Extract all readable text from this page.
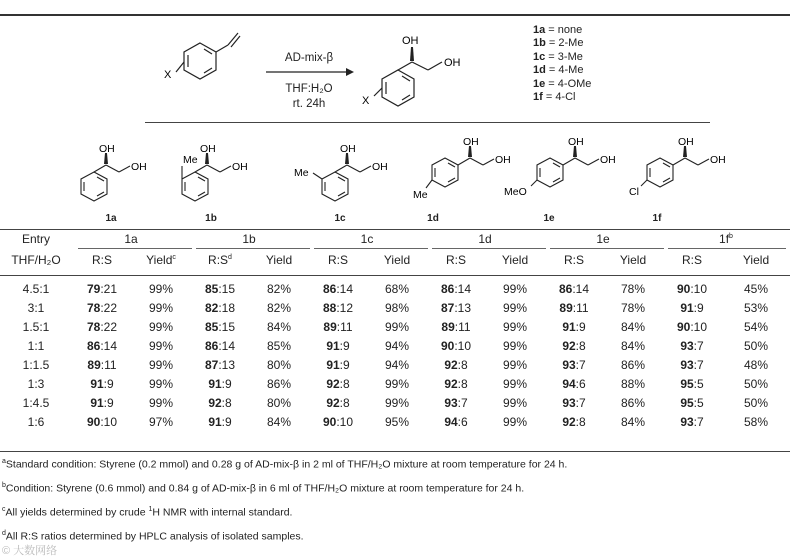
X
OH
OH
X
AD-mix-β
THF:H₂O
rt. 24h
1a = none
1b = 2-Me
1c = 3-Me
1d = 4-Me
1e = 4-OMe
1f = 4-Cl
OH
OH
OH
OH
Me
OH
OH
Me
OH
OH
Me
OH
OH
MeO
OH
OH
Cl
1a	1b	1c	1d	1e	1f
Entry	1a		1b		1c		1d		1e		$1f^b$
THF/H₂O	R:S	Yield$^c$	$R:S^d$	Yield	R:S	Yield	R:S	Yield	R:S	Yield	R:S	Yield

4.5:1	79:21	99%	85:15	82%	86:14	68%	86:14	99%	86:14	78%	90:10	45%
3:1	78:22	99%	82:18	82%	88:12	98%	87:13	99%	89:11	78%	91:9	53%
1.5:1	78:22	99%	85:15	84%	89:11	99%	89:11	99%	91:9	84%	90:10	54%
1:1	86:14	99%	86:14	85%	91:9	94%	90:10	99%	92:8	84%	93:7	50%
1:1.5	89:11	99%	87:13	80%	91:9	94%	92:8	99%	93:7	86%	93:7	48%
1:3	91:9	99%	91:9	86%	92:8	99%	92:8	99%	94:6	88%	95:5	50%
1:4.5	91:9	99%	92:8	80%	92:8	99%	93:7	99%	93:7	86%	95:5	50%
1:6	90:10	97%	91:9	84%	90:10	95%	94:6	99%	92:8	84%	93:7	58%
$^a$Standard condition: Styrene (0.2 mmol) and 0.28 g of AD-mix-β in 2 ml of THF/H₂O mixture at room temperature for 24 h.
$^b$Condition: Styrene (0.6 mmol) and 0.84 g of AD-mix-β in 6 ml of THF/H₂O mixture at room temperature for 24 h.
$^c$All yields determined by crude $^1$H NMR with internal standard.
$^d$All R:S ratios determined by HPLC analysis of isolated samples.
© 大数网络
